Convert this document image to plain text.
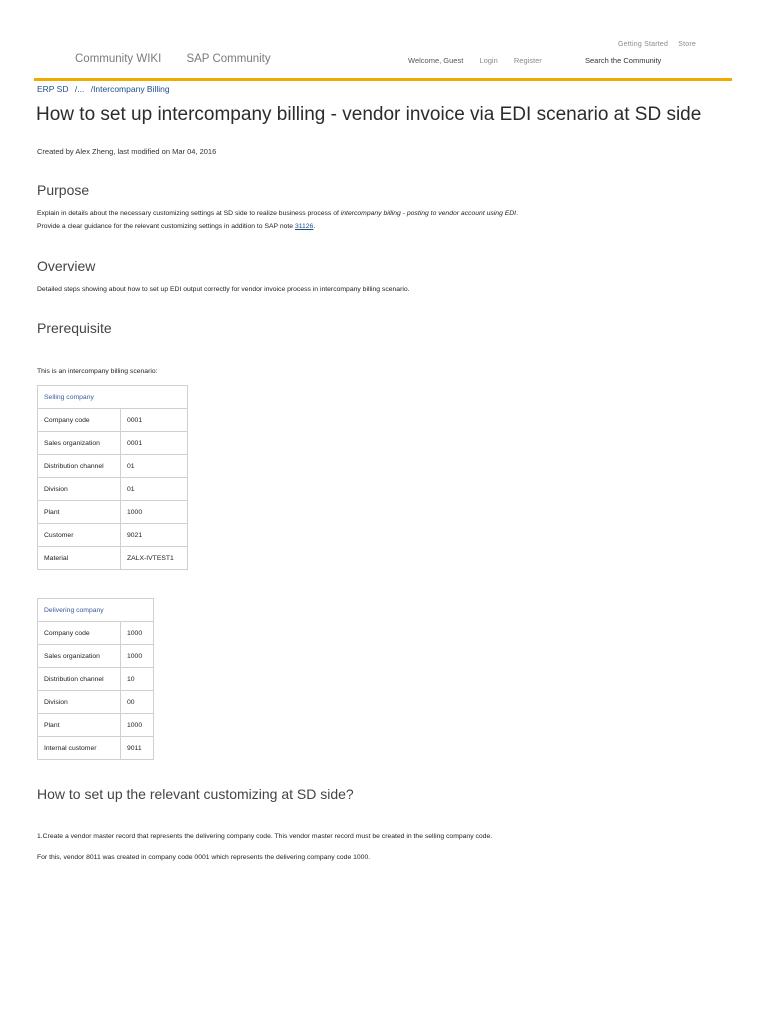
Getting Started Store
Community WIKI SAP Community	Welcome, Guest Login Register	Search the Community
ERP SD /... /Intercompany Billing
How to set up intercompany billing - vendor invoice via EDI scenario at SD side
Created by Alex Zheng, last modified on Mar 04, 2016
Purpose

Explain in details about the necessary customizing settings at SD side to realize business process of intercompany billing - posting to vendor account using EDI.

Provide a clear guidance for the relevant customizing settings in addition to SAP note 31126.

Overview

Detailed steps showing about how to set up EDI output correctly for vendor invoice process in intercompany billing scenario.

Prerequisite

This is an intercompany billing scenario:

Selling company	
Company code	0001
Sales organization	0001
Distribution channel	01
Division	01
Plant	1000
Customer	9021
Material	ZALX-IVTEST1
Delivering company	
Company code	1000
Sales organization	1000
Distribution channel	10
Division	00
Plant	1000
Internal customer	9011
How to set up the relevant customizing at SD side?

1.Create a vendor master record that represents the delivering company code. This vendor master record must be created in the selling company code.

For this, vendor 8011 was created in company code 0001 which represents the delivering company code 1000.
